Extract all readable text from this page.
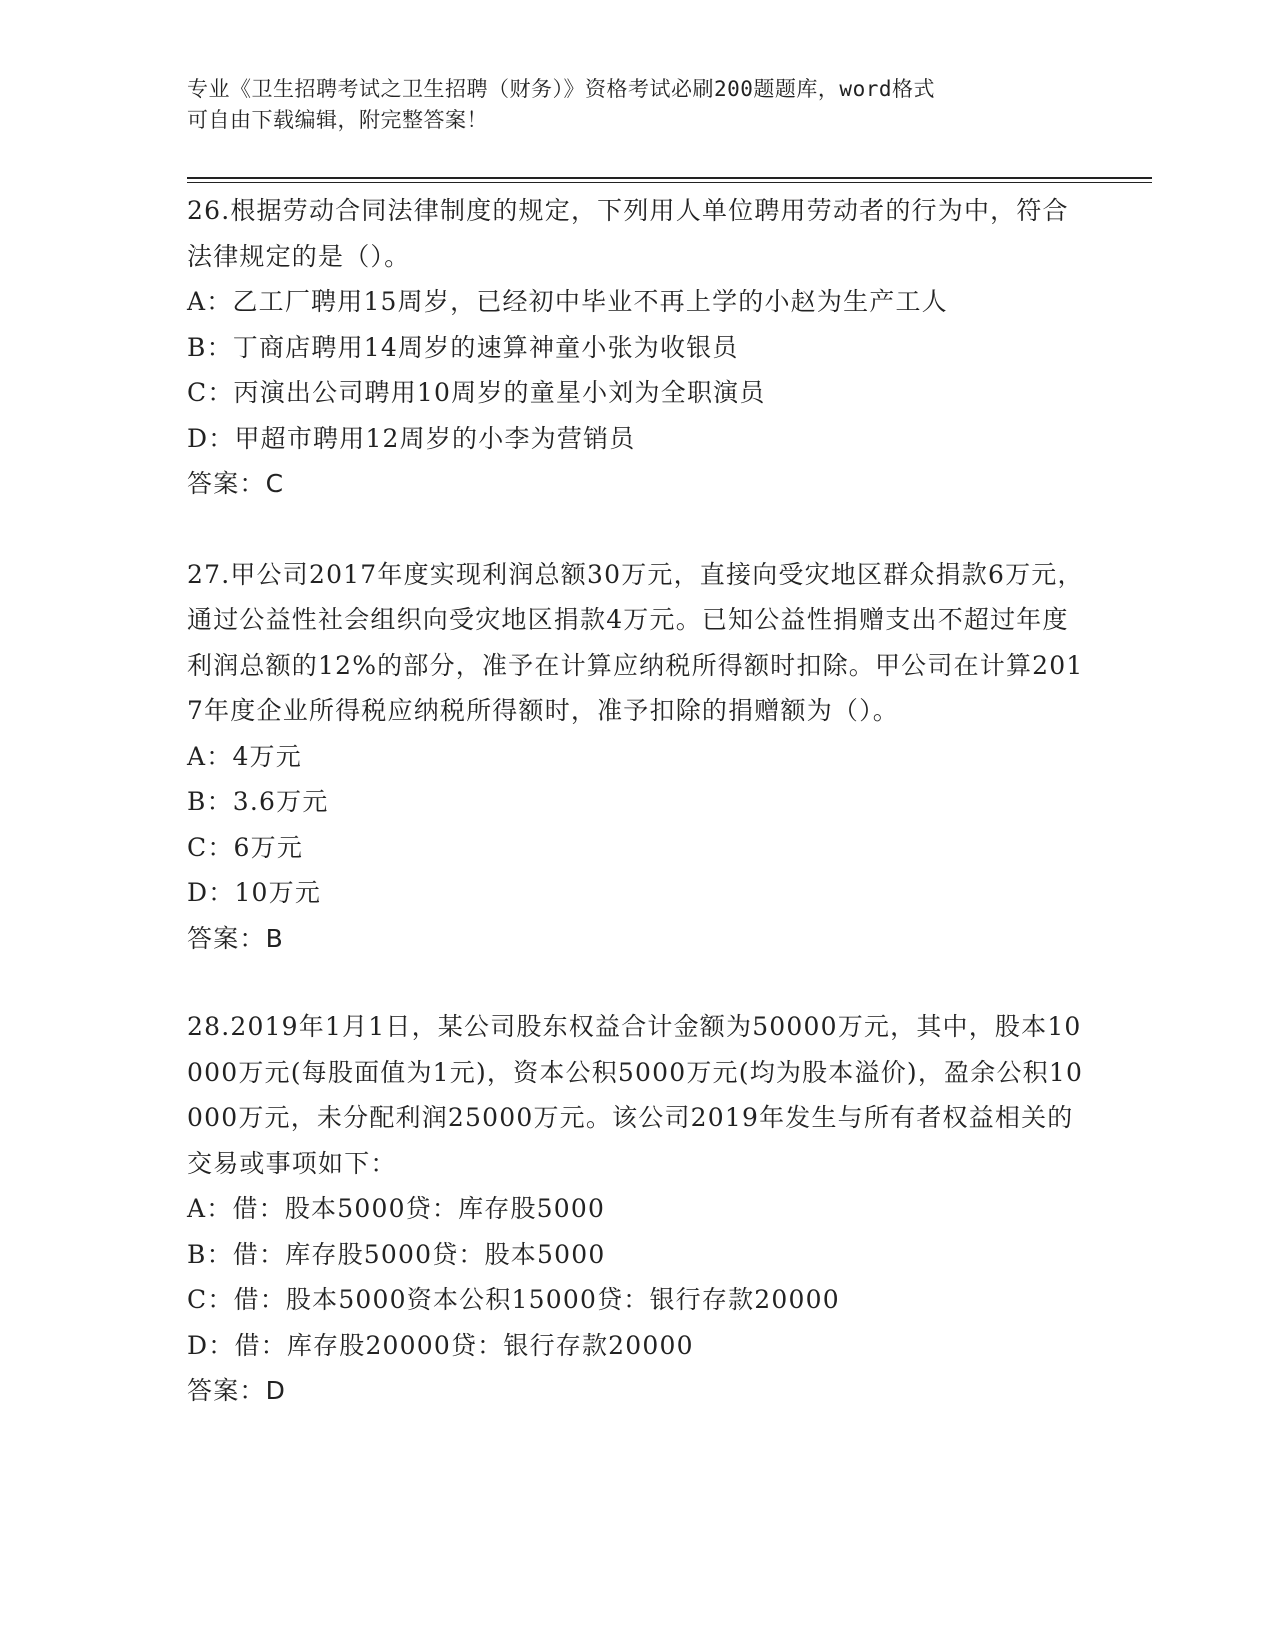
专业《卫生招聘考试之卫生招聘（财务）》资格考试必刷200题题库，word格式
可自由下载编辑，附完整答案！

26.根据劳动合同法律制度的规定，下列用人单位聘用劳动者的行为中，符合法律规定的是（）。

A：乙工厂聘用15周岁，已经初中毕业不再上学的小赵为生产工人

B：丁商店聘用14周岁的速算神童小张为收银员

C：丙演出公司聘用10周岁的童星小刘为全职演员

D：甲超市聘用12周岁的小李为营销员

答案：C

27.甲公司2017年度实现利润总额30万元，直接向受灾地区群众捐款6万元，通过公益性社会组织向受灾地区捐款4万元。已知公益性捐赠支出不超过年度利润总额的12%的部分，准予在计算应纳税所得额时扣除。甲公司在计算2017年度企业所得税应纳税所得额时，准予扣除的捐赠额为（）。

A：4万元

B：3.6万元

C：6万元

D：10万元

答案：B

28.2019年1月1日，某公司股东权益合计金额为50000万元，其中，股本10000万元(每股面值为1元)，资本公积5000万元(均为股本溢价)，盈余公积10000万元，未分配利润25000万元。该公司2019年发生与所有者权益相关的交易或事项如下：

A：借：股本5000贷：库存股5000

B：借：库存股5000贷：股本5000

C：借：股本5000资本公积15000贷：银行存款20000

D：借：库存股20000贷：银行存款20000

答案：D
